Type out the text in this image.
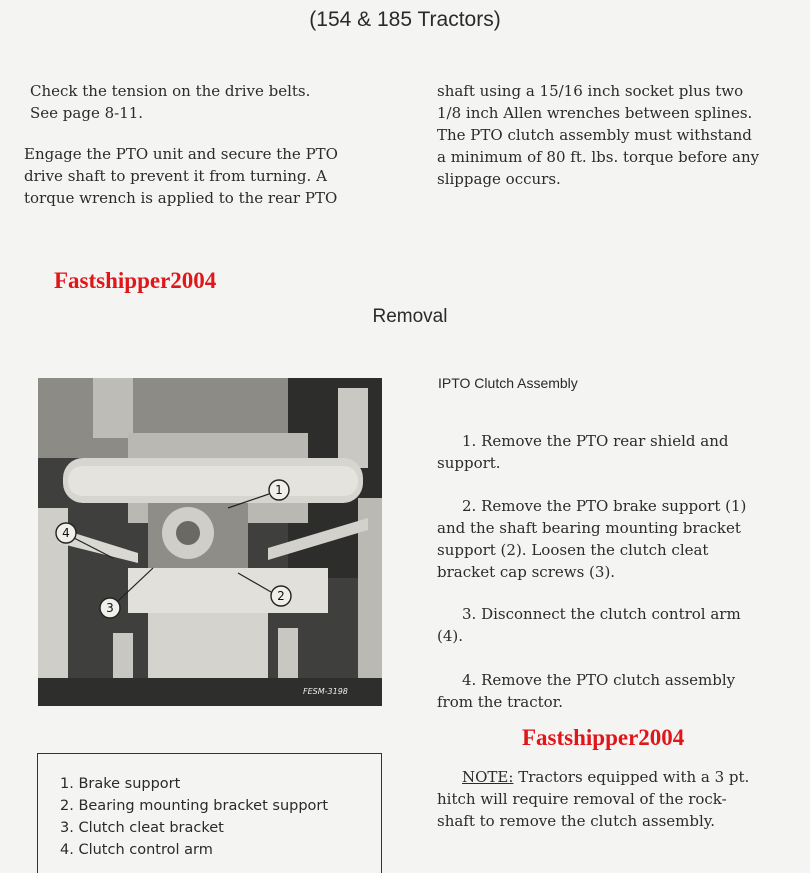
(154 & 185 Tractors)
Check the tension on the drive belts.
See page 8-11.
Engage the PTO unit and secure the PTO
drive shaft to prevent it from turning. A
torque wrench is applied to the rear PTO
shaft using a 15/16 inch socket plus two
1/8 inch Allen wrenches between splines.
The PTO clutch assembly must withstand
a minimum of 80 ft. lbs. torque before any
slippage occurs.
Fastshipper2004
Removal
1
2
3
4
FESM-3198
IPTO Clutch Assembly
1. Remove the PTO rear shield and
support.
2. Remove the PTO brake support (1)
and the shaft bearing mounting bracket
support (2). Loosen the clutch cleat
bracket cap screws (3).
3. Disconnect the clutch control arm
(4).
4. Remove the PTO clutch assembly
from the tractor.
Fastshipper2004
NOTE: Tractors equipped with a 3 pt.
hitch will require removal of the rock-
shaft to remove the clutch assembly.
1. Brake support
2. Bearing mounting bracket support
3. Clutch cleat bracket
4. Clutch control arm
